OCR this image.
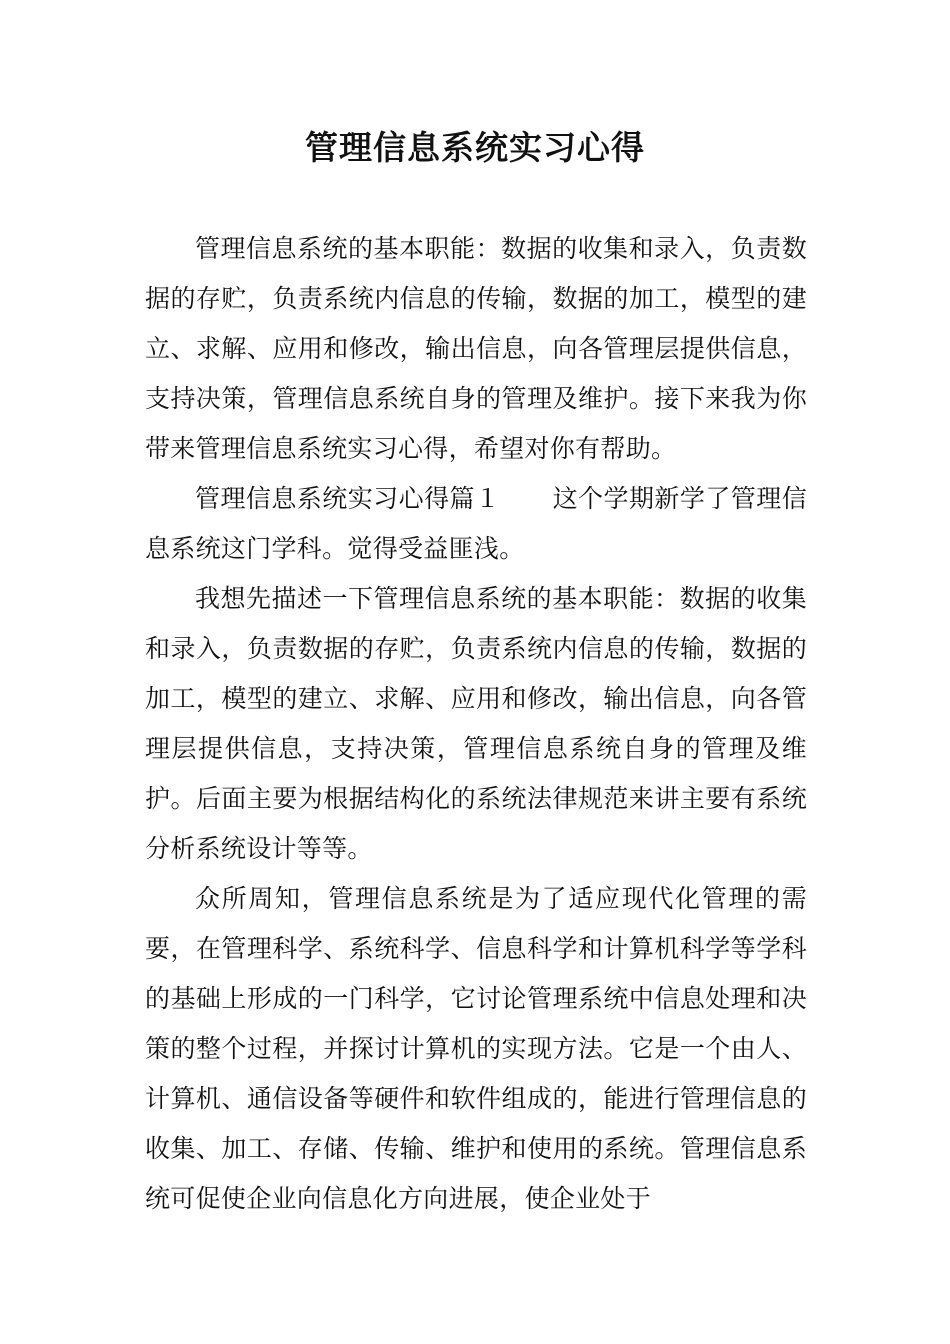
管理信息系统实习心得

管理信息系统的基本职能：数据的收集和录入，负责数据的存贮，负责系统内信息的传输，数据的加工，模型的建立、求解、应用和修改，输出信息，向各管理层提供信息，支持决策，管理信息系统自身的管理及维护。接下来我为你带来管理信息系统实习心得，希望对你有帮助。

管理信息系统实习心得篇１ 这个学期新学了管理信息系统这门学科。觉得受益匪浅。

我想先描述一下管理信息系统的基本职能：数据的收集和录入，负责数据的存贮，负责系统内信息的传输，数据的加工，模型的建立、求解、应用和修改，输出信息，向各管理层提供信息，支持决策，管理信息系统自身的管理及维护。后面主要为根据结构化的系统法律规范来讲主要有系统分析系统设计等等。

众所周知，管理信息系统是为了适应现代化管理的需要，在管理科学、系统科学、信息科学和计算机科学等学科的基础上形成的一门科学，它讨论管理系统中信息处理和决策的整个过程，并探讨计算机的实现方法。它是一个由人、计算机、通信设备等硬件和软件组成的，能进行管理信息的收集、加工、存储、传输、维护和使用的系统。管理信息系统可促使企业向信息化方向进展，使企业处于
